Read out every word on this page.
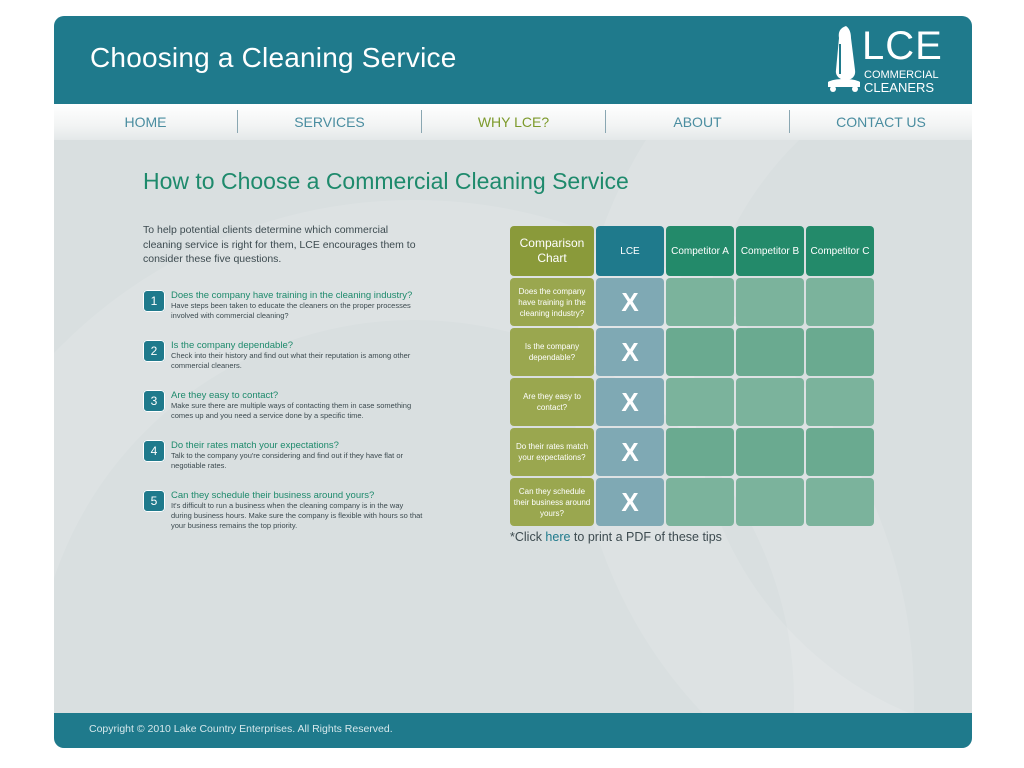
Choosing a Cleaning Service	LCE
COMMERCIAL
CLEANERS
HOME	SERVICES	WHY LCE?	ABOUT	CONTACT US
How to Choose a Commercial Cleaning Service
To help potential clients determine which commercial cleaning service is right for them, LCE encourages them to consider these five questions.
1	Does the company have training in the cleaning industry?
Have steps been taken to educate the cleaners on the proper processes involved with commercial cleaning?
2	Is the company dependable?
Check into their history and find out what their reputation is among other commercial cleaners.
3	Are they easy to contact?
Make sure there are multiple ways of contacting them in case something comes up and you need a service done by a specific time.
4	Do their rates match your expectations?
Talk to the company you're considering and find out if they have flat or negotiable rates.
5	Can they schedule their business around yours?
It's difficult to run a business when the cleaning company is in the way during business hours. Make sure the company is flexible with hours so that your business remains the top priority.
Comparison Chart	LCE	Competitor A	Competitor B	Competitor C
Does the company have training in the cleaning industry?	X
Is the company dependable?	X
Are they easy to contact?	X
Do their rates match your expectations?	X
Can they schedule their business around yours?	X
*Click here to print a PDF of these tips
Copyright © 2010 Lake Country Enterprises. All Rights Reserved.
